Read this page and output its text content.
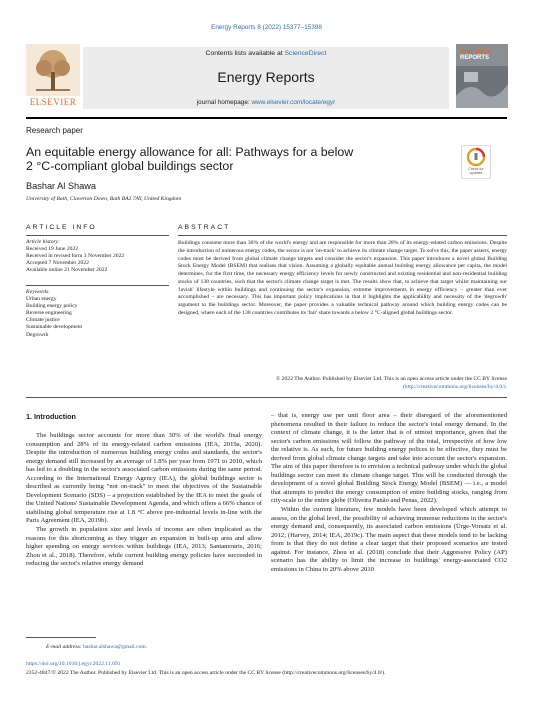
Energy Reports 8 (2022) 15377–15398
ELSEVIER
Contents lists available at ScienceDirect
Energy Reports
journal homepage: www.elsevier.com/locate/egyr
ENERGY
REPORTS
Research paper
An equitable energy allowance for all: Pathways for a below
2 °C-compliant global buildings sector	Check for updates
Bashar Al Shawa
University of Bath, Claverton Down, Bath BA2 7AY, United Kingdom
ARTICLE INFO	ABSTRACT
Article history:
Received 19 June 2022
Received in revised form 3 November 2022
Accepted 7 November 2022
Available online 21 November 2022
Keywords:
Urban energy
Building energy policy
Reverse engineering
Climate justice
Sustainable development
Degrowth
Buildings consume more than 30% of the world's energy and are responsible for more than 28% of its energy-related carbon emissions. Despite the introduction of numerous energy codes, the sector is not 'on-track' to achieve its climate change target. To solve this, the paper asserts, energy codes must be derived from global climate change targets and consider the sector's expansion. This paper introduces a novel global Building Stock Energy Model (BSEM) that realises that vision. Assuming a globally equitable annual building energy allowance per capita, the model determines, for the first time, the necessary energy efficiency levels for newly constructed and existing residential and non-residential building stocks of 138 countries, such that the sector's climate change target is met. The results show that, to achieve that target whilst maintaining our 'lavish' lifestyle within buildings and continuing the sector's expansion, extreme improvements in energy efficiency – greater than ever accomplished – are necessary. This has important policy implications in that it highlights the applicability and necessity of the 'degrowth' argument to the buildings sector. Moreover, the paper provides a valuable technical pathway around which building energy codes can be designed, where each of the 138 countries contributes its 'fair' share towards a below 2 °C-aligned global buildings sector.
© 2022 The Author. Published by Elsevier Ltd. This is an open access article under the CC BY license
(http://creativecommons.org/licenses/by/4.0/).
1. Introduction

The buildings sector accounts for more than 30% of the world's final energy consumption and 28% of its energy-related carbon emissions (IEA, 2019a, 2020). Despite the introduction of numerous building energy codes and standards, the sector's energy demand still increased by an average of 1.8% per year from 1971 to 2010, which has led to a doubling in the sector's associated carbon emissions during the same period. According to the International Energy Agency (IEA), the global buildings sector is described as currently being "not on-track" to meet the objectives of the Sustainable Development Scenario (SDS) – a projection established by the IEA to meet the goals of the United Nations' Sustainable Development Agenda, and which offers a 66% chance of stabilising global temperature rise at 1.8 °C above pre-industrial levels in-line with the Paris Agreement (IEA, 2019b).

The growth in population size and levels of income are often implicated as the reasons for this shortcoming as they trigger an expansion in built-up area and allow higher spending on energy services within buildings (IEA, 2013; Santamouris, 2016; Zhou et al., 2018). Therefore, while current building energy policies have succeeded in reducing the sector's relative energy demand

– that is, energy use per unit floor area – their disregard of the aforementioned phenomena resulted in their failure to reduce the sector's total energy demand. In the context of climate change, it is the latter that is of utmost importance, given that the sector's carbon emissions will follow the pathway of the total, irrespective of how low the relative is. As such, for future building energy polices to be effective, they must be derived from global climate change targets and take into account the sector's expansion. The aim of this paper therefore is to envision a technical pathway under which the global buildings sector can meet its climate change target. This will be conducted through the development of a novel global Building Stock Energy Model (BSEM) — i.e., a model that attempts to predict the energy consumption of entire building stocks, ranging from city-scale to the entire globe (Oliveira Panão and Penas, 2022).

Within the current literature, few models have been developed which attempt to assess, on the global level, the possibility of achieving immense reductions in the sector's energy demand and, consequently, its associated carbon emissions (Ürge-Vorsatz et al. 2012; (Harvey, 2014; IEA, 2019c). The main aspect that these models tend to be lacking from is that they do not define a clear target that their proposed scenarios are tested against. For instance, Zhou et al. (2018) conclude that their Aggressive Policy (AP) scenario has the ability to limit the increase in buildings' energy-associated CO2 emissions in China to 20% above 2010

E-mail address: bashar.alshawa@gmail.com.
https://doi.org/10.1016/j.egyr.2022.11.091
2352-4847/© 2022 The Author. Published by Elsevier Ltd. This is an open access article under the CC BY license (http://creativecommons.org/licenses/by/4.0/).
